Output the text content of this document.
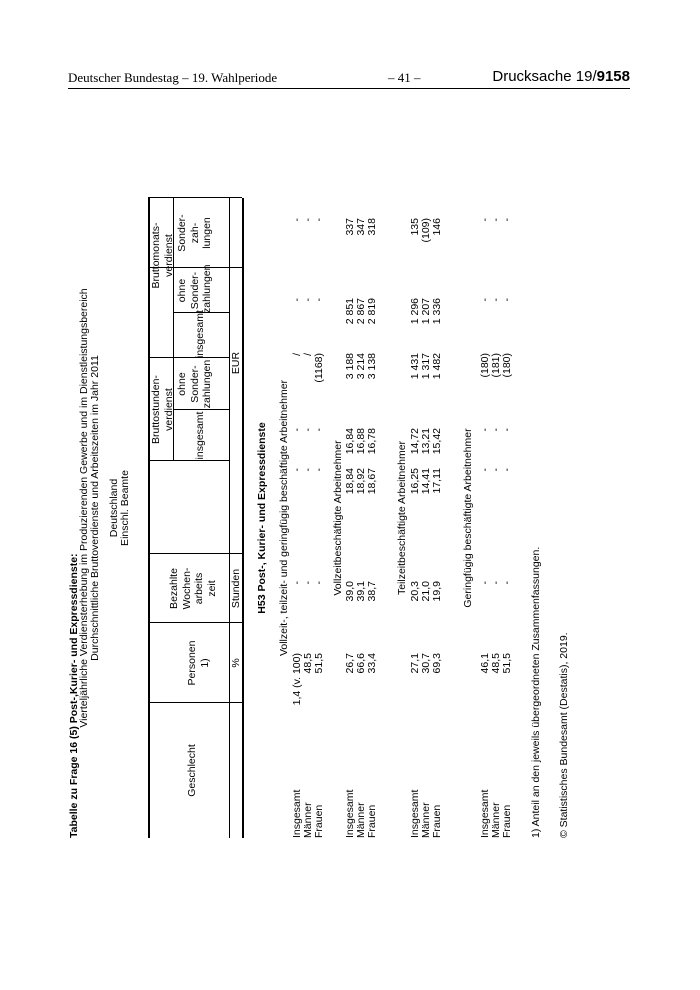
Deutscher Bundestag – 19. Wahlperiode	– 41 –	Drucksache 19/9158
Tabelle zu Frage 16 (5) Post-,Kurier- und Expressdienste:
Vierteljährliche Verdiensterhebung im Produzierenden Gewerbe und im Dienstleistungsbereich Durchschnittliche Bruttoverdienste und Arbeitszeiten im Jahr 2011 Deutschland Einschl. Beamte
Geschlecht
Personen
1)
Bezahlte
Wochen-
arbeits
zeit
Bruttostunden-
verdienst
insgesamt
ohne
Sonder-
zahlungen
insgesamt
Bruttomonats-
verdienst
ohne
Sonder-
zahlungen
Sonder-
zah-
lungen
%
Stunden
EUR
H53 Post-, Kurier- und Expressdienste Vollzeit-, teilzeit- und geringfügig beschäftigte Arbeitnehmer
Insgesamt Männer Frauen
1,4 (v. 100) 48,5 51,5
- - -
- - -
- - -
/ / (1168)
- - -
- - -
Vollzeitbeschäftigte Arbeitnehmer
Insgesamt Männer Frauen
26,7 66,6 33,4
39,0 39,1 38,7
18,84 18,92 18,67
16,84 16,88 16,78
3 188 3 214 3 138
2 851 2 867 2 819
337 347 318
Teilzeitbeschäftigte Arbeitnehmer
Insgesamt Männer Frauen
27,1 30,7 69,3
20,3 21,0 19,9
16,25 14,41 17,11
14,72 13,21 15,42
1 431 1 317 1 482
1 296 1 207 1 336
135 (109) 146
Geringfügig beschäftigte Arbeitnehmer
Insgesamt Männer Frauen
46,1 48,5 51,5
- - -
- - -
- - -
(180) (181) (180)
- - -
- - -
1) Anteil an den jeweils übergeordneten Zusammenfassungen. © Statistisches Bundesamt (Destatis), 2019.
